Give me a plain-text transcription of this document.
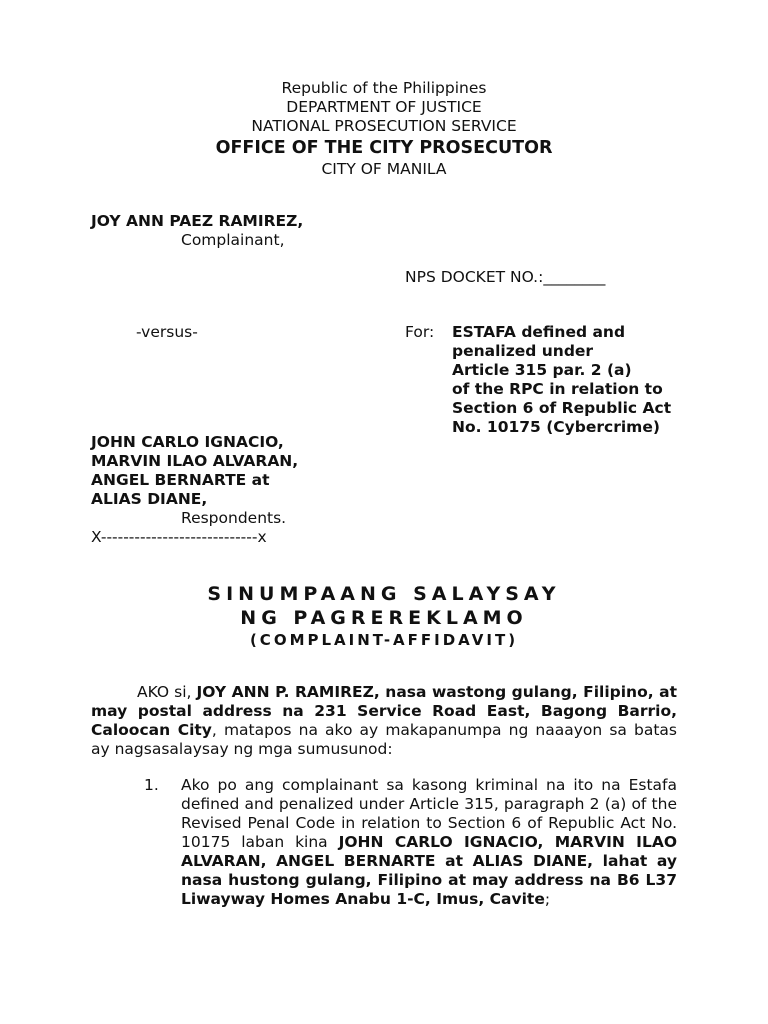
Republic of the Philippines
DEPARTMENT OF JUSTICE
NATIONAL PROSECUTION SERVICE
OFFICE OF THE CITY PROSECUTOR
CITY OF MANILA
JOY ANN PAEZ RAMIREZ,
Complainant,
NPS DOCKET NO.:________
-versus-	For: ESTAFA defined and
penalized under
Article 315 par. 2 (a)
of the RPC in relation to
Section 6 of Republic Act
No. 10175 (Cybercrime)
JOHN CARLO IGNACIO,
MARVIN ILAO ALVARAN,
ANGEL BERNARTE at
ALIAS DIANE,
Respondents.
X----------------------------x
SINUMPAANG SALAYSAY
NG PAGREREKLAMO
(COMPLAINT-AFFIDAVIT)
AKO si, JOY ANN P. RAMIREZ, nasa wastong gulang, Filipino, at may postal address na 231 Service Road East, Bagong Barrio, Caloocan City, matapos na ako ay makapanumpa ng naaayon sa batas ay nagsasalaysay ng mga sumusunod:
1. Ako po ang complainant sa kasong kriminal na ito na Estafa defined and penalized under Article 315, paragraph 2 (a) of the Revised Penal Code in relation to Section 6 of Republic Act No. 10175 laban kina JOHN CARLO IGNACIO, MARVIN ILAO ALVARAN, ANGEL BERNARTE at ALIAS DIANE, lahat ay nasa hustong gulang, Filipino at may address na B6 L37 Liwayway Homes Anabu 1-C, Imus, Cavite;
